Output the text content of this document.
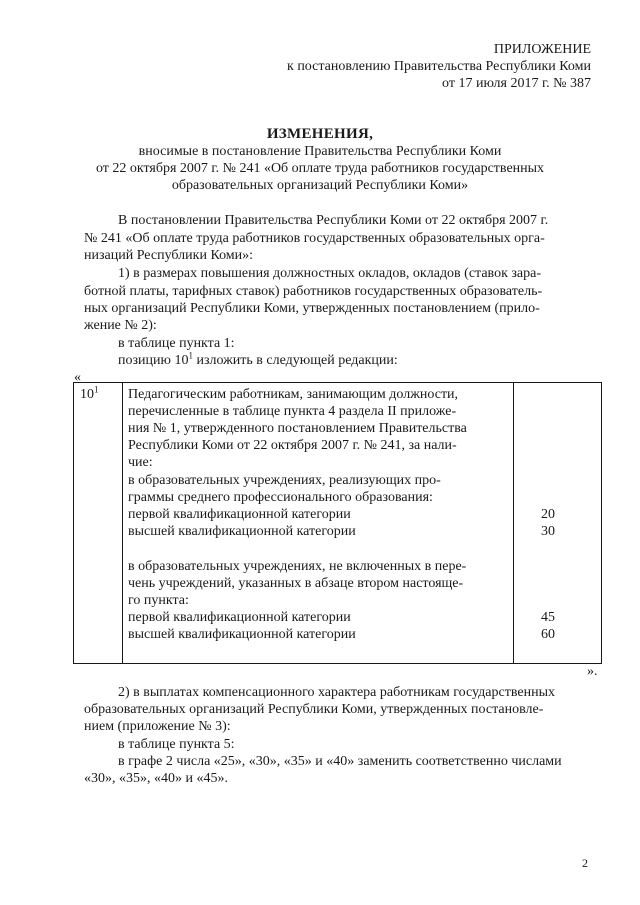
ПРИЛОЖЕНИЕ
к постановлению Правительства Республики Коми
от 17 июля 2017 г. № 387
ИЗМЕНЕНИЯ,
вносимые в постановление Правительства Республики Коми
от 22 октября 2007 г. № 241 «Об оплате труда работников государственных
образовательных организаций Республики Коми»
В постановлении Правительства Республики Коми от 22 октября 2007 г.
№ 241 «Об оплате труда работников государственных образовательных орга-
низаций Республики Коми»:
1) в размерах повышения должностных окладов, окладов (ставок зара-
ботной платы, тарифных ставок) работников государственных образователь-
ных организаций Республики Коми, утвержденных постановлением (прило-
жение № 2):
в таблице пункта 1:
позицию $10^1$ изложить в следующей редакции:
«
$10^1$ Педагогическим работникам, занимающим должности,
перечисленные в таблице пункта 4 раздела II приложе-
ния № 1, утвержденного постановлением Правительства
Республики Коми от 22 октября 2007 г. № 241, за нали-
чие:
в образовательных учреждениях, реализующих про-
граммы среднего профессионального образования:
первой квалификационной категории
высшей квалификационной категории
в образовательных учреждениях, не включенных в пере-
чень учреждений, указанных в абзаце втором настояще-
го пункта:
первой квалификационной категории
высшей квалификационной категории
20
30
45
60
».
2) в выплатах компенсационного характера работникам государственных
образовательных организаций Республики Коми, утвержденных постановле-
нием (приложение № 3):
в таблице пункта 5:
в графе 2 числа «25», «30», «35» и «40» заменить соответственно числами
«30», «35», «40» и «45».
2
